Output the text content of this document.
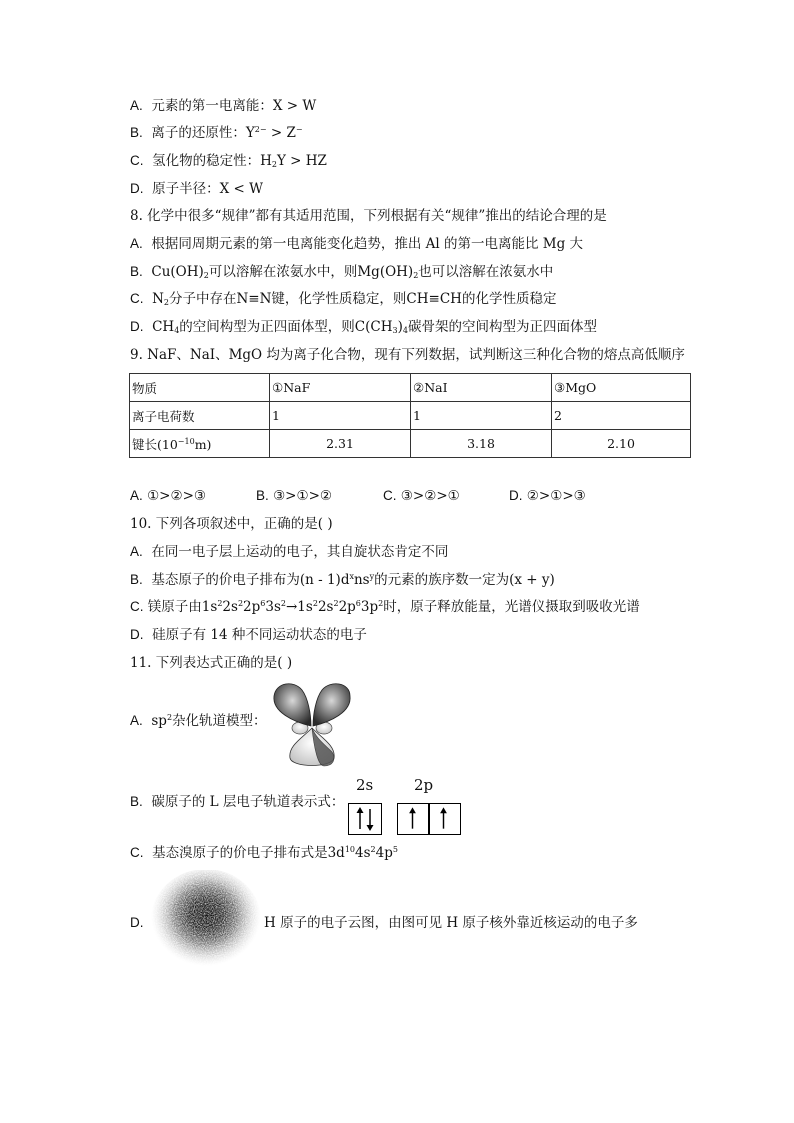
A. 元素的第一电离能：X > W
B. 离子的还原性：$Y^{2-} > Z^-$
C. 氢化物的稳定性：$H_2Y$ > HZ
D. 原子半径：X < W
8. 化学中很多“规律”都有其适用范围，下列根据有关“规律”推出的结论合理的是
A. 根据同周期元素的第一电离能变化趋势，推出 Al 的第一电离能比 Mg 大
B. $Cu(OH)_2$可以溶解在浓氨水中，则$Mg(OH)_2$也可以溶解在浓氨水中
C. $N_2$分子中存在N≡N键，化学性质稳定，则CH≡CH的化学性质稳定
D. $CH_4$的空间构型为正四面体型，则$C(CH_3)_4$碳骨架的空间构型为正四面体型
9. NaF、NaI、MgO 均为离子化合物，现有下列数据，试判断这三种化合物的熔点高低顺序
物质	①NaF	②NaI	③MgO
离子电荷数	1	1	2
键长$(10^{-10}m)$	2.31	3.18	2.10
A. ①>②>③	B. ③>①>②	C. ③>②>①	D. ②>①>③
10. 下列各项叙述中，正确的是( )
A. 在同一电子层上运动的电子，其自旋状态肯定不同
B. 基态原子的价电子排布为$(n - 1)d^xns^y$的元素的族序数一定为(x + y)
C. 镁原子由$1s^22s^22p^63s^2\to 1s^22s^22p^63p^2$时，原子释放能量，光谱仪摄取到吸收光谱
D. 硅原子有 14 种不同运动状态的电子
11. 下列表达式正确的是( )
A. $sp^2$杂化轨道模型：
B. 碳原子的 L 层电子轨道表示式：
2s	2p
C. 基态溴原子的价电子排布式是$3d^{10}4s^24p^5$
D.	H 原子的电子云图，由图可见 H 原子核外靠近核运动的电子多
